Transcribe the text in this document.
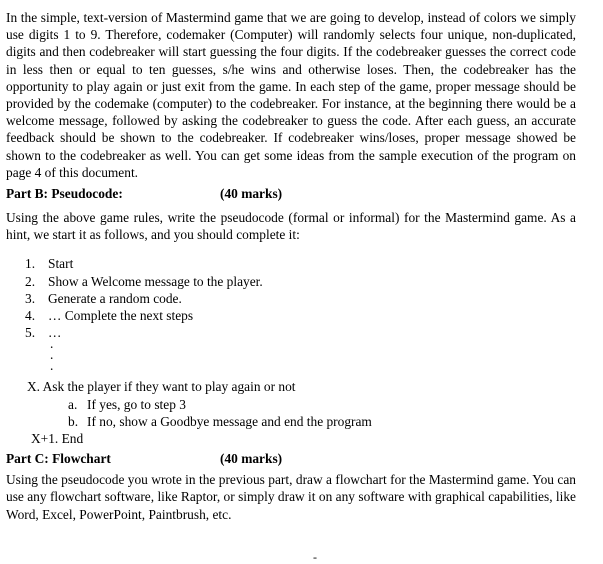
In the simple, text-version of Mastermind game that we are going to develop, instead of colors we simply use digits 1 to 9. Therefore, codemaker (Computer) will randomly selects four unique, non-duplicated, digits and then codebreaker will start guessing the four digits. If the codebreaker guesses the correct code in less then or equal to ten guesses, s/he wins and otherwise loses. Then, the codebreaker has the opportunity to play again or just exit from the game. In each step of the game, proper message should be provided by the codemake (computer) to the codebreaker. For instance, at the beginning there would be a welcome message, followed by asking the codebreaker to guess the code. After each guess, an accurate feedback should be shown to the codebreaker. If codebreaker wins/loses, proper message showed be shown to the codebreaker as well. You can get some ideas from the sample execution of the program on page 4 of this document.

Part B: Pseudocode:	(40 marks)

Using the above game rules, write the pseudocode (formal or informal) for the Mastermind game. As a hint, we start it as follows, and you should complete it:

1. Start
2. Show a Welcome message to the player.
3. Generate a random code.
4. … Complete the next steps
5. …
.
.
.
X. Ask the player if they want to play again or not
a. If yes, go to step 3
b. If no, show a Goodbye message and end the program
X+1. End
Part C: Flowchart	(40 marks)

Using the pseudocode you wrote in the previous part, draw a flowchart for the Mastermind game. You can use any flowchart software, like Raptor, or simply draw it on any software with graphical capabilities, like Word, Excel, PowerPoint, Paintbrush, etc.

-
